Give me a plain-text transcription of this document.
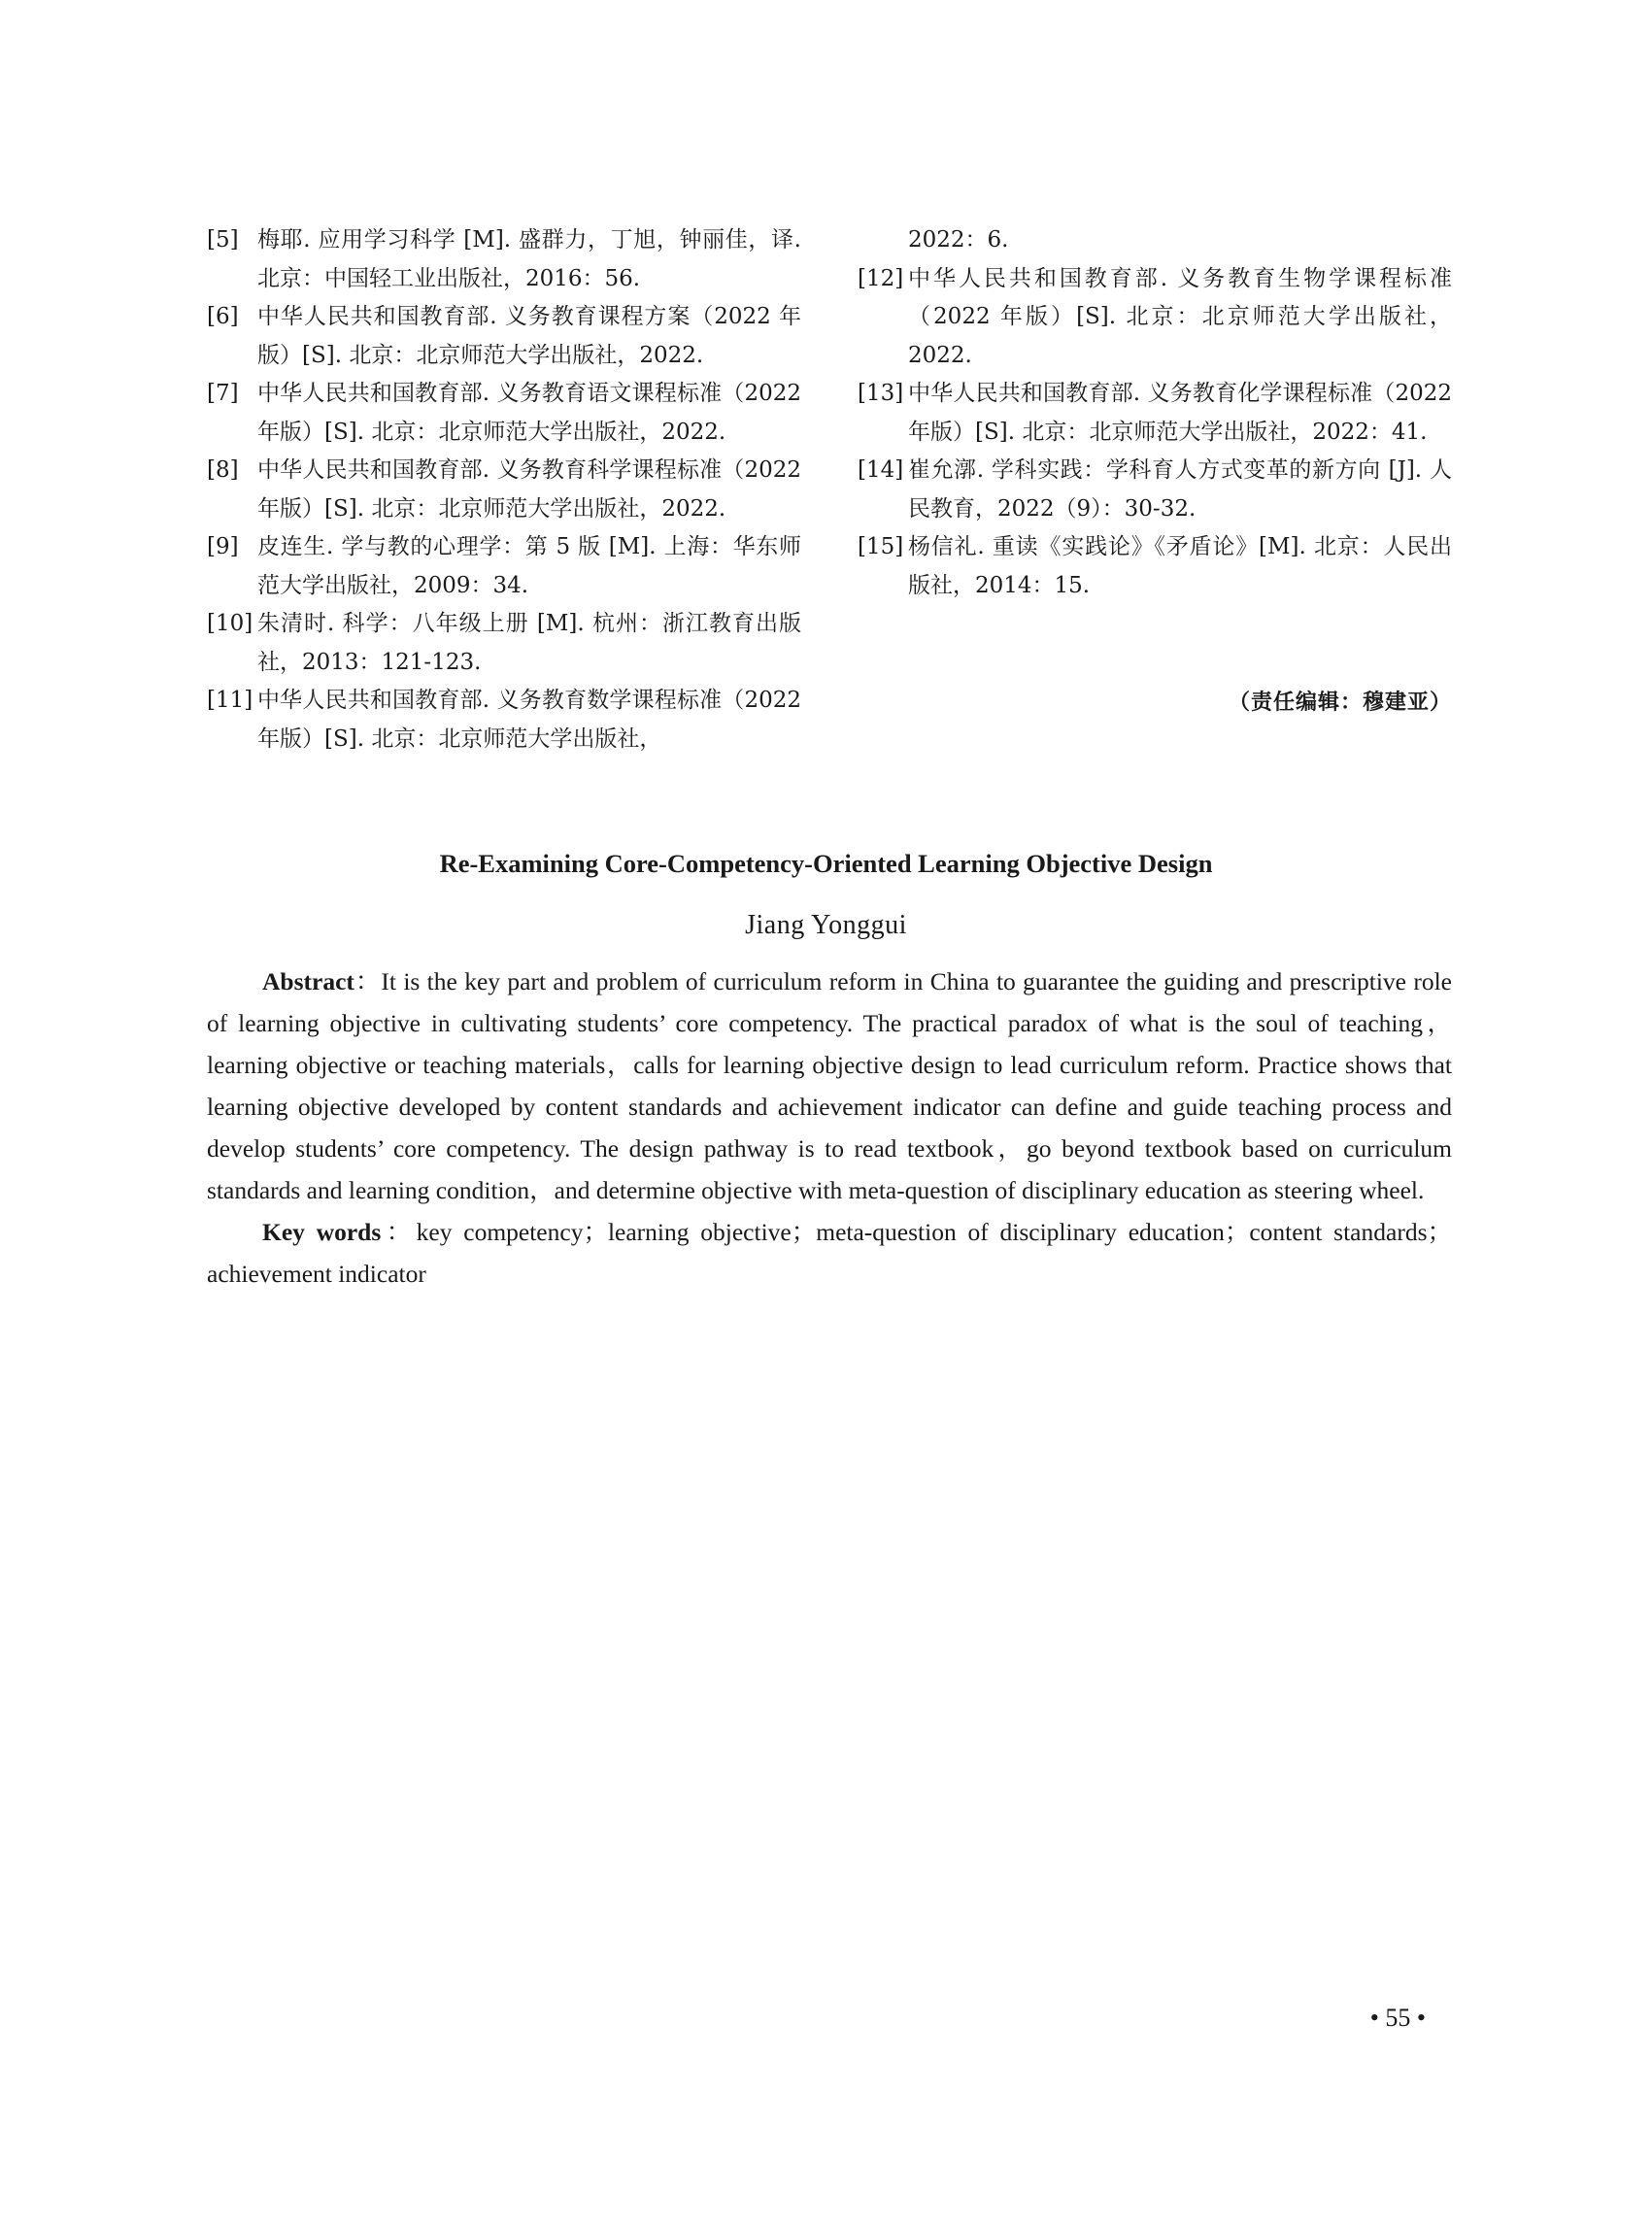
[5] 梅耶. 应用学习科学 [M]. 盛群力，丁旭，钟丽佳，译. 北京：中国轻工业出版社，2016：56.
[6] 中华人民共和国教育部. 义务教育课程方案（2022 年版）[S]. 北京：北京师范大学出版社，2022.
[7] 中华人民共和国教育部. 义务教育语文课程标准（2022 年版）[S]. 北京：北京师范大学出版社，2022.
[8] 中华人民共和国教育部. 义务教育科学课程标准（2022 年版）[S]. 北京：北京师范大学出版社，2022.
[9] 皮连生. 学与教的心理学：第 5 版 [M]. 上海：华东师范大学出版社，2009：34.
[10] 朱清时. 科学：八年级上册 [M]. 杭州：浙江教育出版社，2013：121-123.
[11] 中华人民共和国教育部. 义务教育数学课程标准（2022 年版）[S]. 北京：北京师范大学出版社，
2022：6.
[12] 中华人民共和国教育部. 义务教育生物学课程标准（2022 年版）[S]. 北京：北京师范大学出版社，2022.
[13] 中华人民共和国教育部. 义务教育化学课程标准（2022 年版）[S]. 北京：北京师范大学出版社，2022：41.
[14] 崔允漷. 学科实践：学科育人方式变革的新方向 [J]. 人民教育，2022（9）：30-32.
[15] 杨信礼. 重读《实践论》《矛盾论》[M]. 北京：人民出版社，2014：15.
（责任编辑：穆建亚）
Re-Examining Core-Competency-Oriented Learning Objective Design
Jiang Yonggui

Abstract：It is the key part and problem of curriculum reform in China to guarantee the guiding and prescriptive role of learning objective in cultivating students’ core competency. The practical paradox of what is the soul of teaching，learning objective or teaching materials，calls for learning objective design to lead curriculum reform. Practice shows that learning objective developed by content standards and achievement indicator can define and guide teaching process and develop students’ core competency. The design pathway is to read textbook，go beyond textbook based on curriculum standards and learning condition，and determine objective with meta-question of disciplinary education as steering wheel.

Key words：key competency；learning objective；meta-question of disciplinary education；content standards；achievement indicator

• 55 •
